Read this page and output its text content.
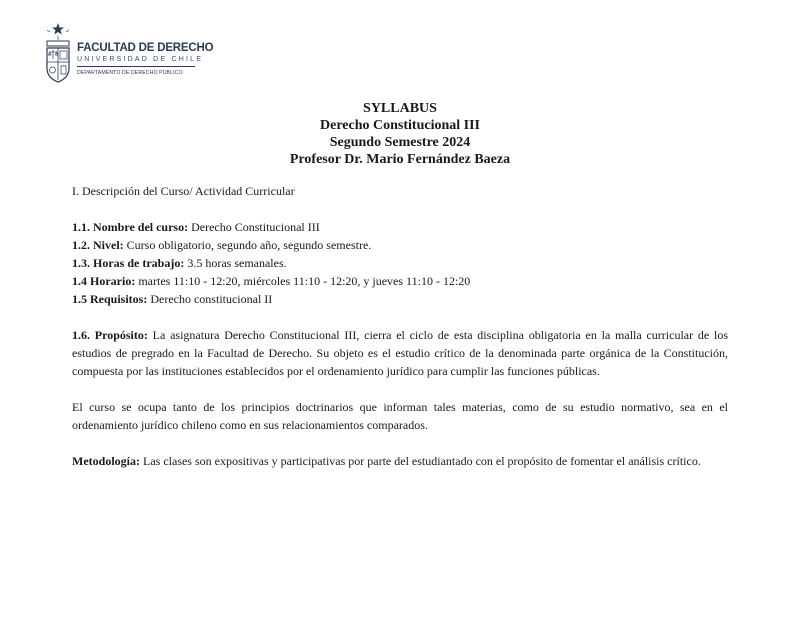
FACULTAD DE DERECHO
UNIVERSIDAD DE CHILE
DEPARTAMENTO DE DERECHO PÚBLICO
SYLLABUS
Derecho Constitucional III
Segundo Semestre 2024
Profesor Dr. Mario Fernández Baeza

I. Descripción del Curso/ Actividad Curricular

1.1. Nombre del curso: Derecho Constitucional III

1.2. Nivel: Curso obligatorio, segundo año, segundo semestre.

1.3. Horas de trabajo: 3.5 horas semanales.

1.4 Horario: martes 11:10 - 12:20, miércoles 11:10 - 12:20, y jueves 11:10 - 12:20

1.5 Requisitos: Derecho constitucional II

1.6. Propósito: La asignatura Derecho Constitucional III, cierra el ciclo de esta disciplina obligatoria en la malla curricular de los estudios de pregrado en la Facultad de Derecho. Su objeto es el estudio crítico de la denominada parte orgánica de la Constitución, compuesta por las instituciones establecidos por el ordenamiento jurídico para cumplir las funciones públicas.

El curso se ocupa tanto de los principios doctrinarios que informan tales materias, como de su estudio normativo, sea en el ordenamiento jurídico chileno como en sus relacionamientos comparados.

Metodología: Las clases son expositivas y participativas por parte del estudiantado con el propósito de fomentar el análisis crítico.
